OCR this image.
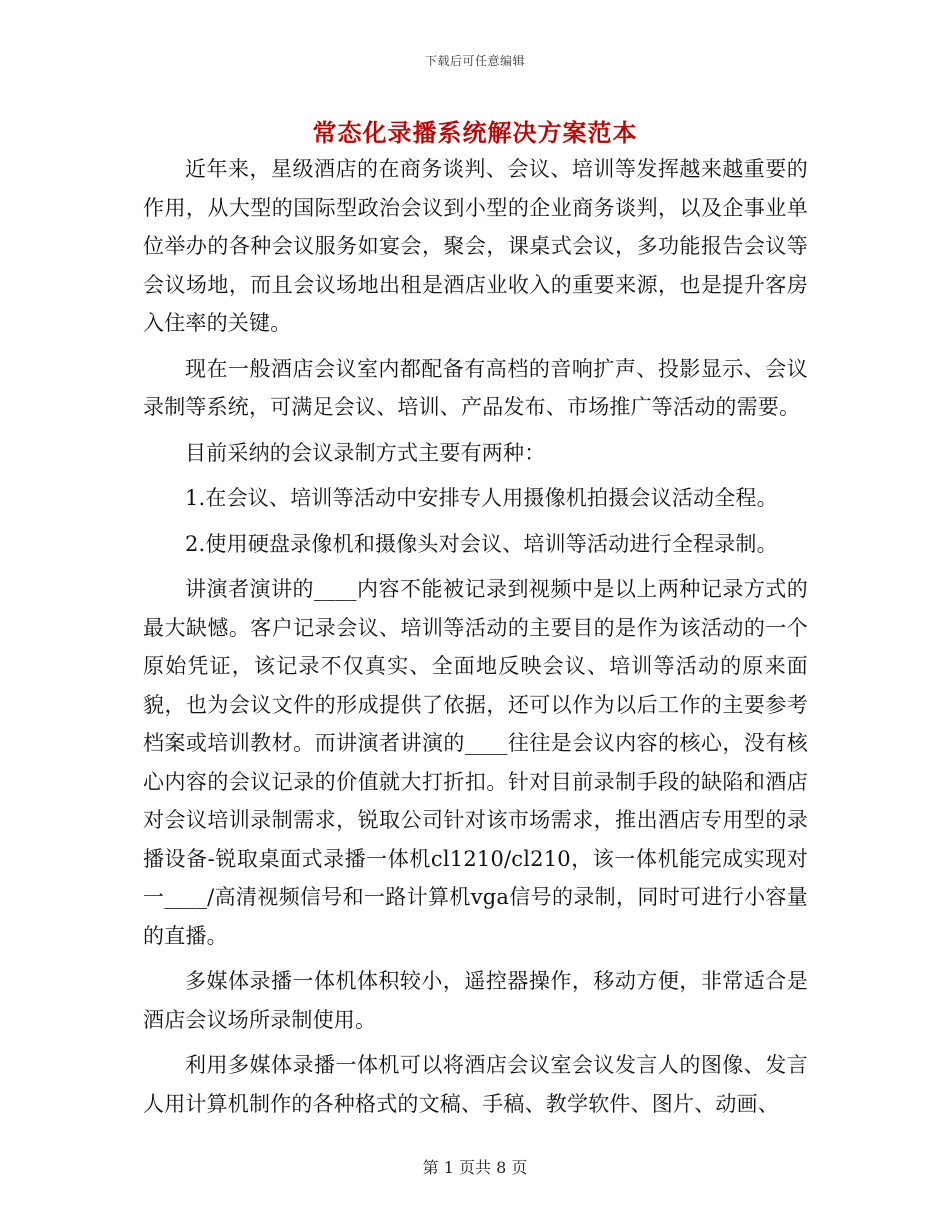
下载后可任意编辑
常态化录播系统解决方案范本

近年来，星级酒店的在商务谈判、会议、培训等发挥越来越重要的作用，从大型的国际型政治会议到小型的企业商务谈判，以及企事业单位举办的各种会议服务如宴会，聚会，课桌式会议，多功能报告会议等会议场地，而且会议场地出租是酒店业收入的重要来源，也是提升客房入住率的关键。

现在一般酒店会议室内都配备有高档的音响扩声、投影显示、会议录制等系统，可满足会议、培训、产品发布、市场推广等活动的需要。

目前采纳的会议录制方式主要有两种：

1.在会议、培训等活动中安排专人用摄像机拍摄会议活动全程。

2.使用硬盘录像机和摄像头对会议、培训等活动进行全程录制。

讲演者演讲的____内容不能被记录到视频中是以上两种记录方式的最大缺憾。客户记录会议、培训等活动的主要目的是作为该活动的一个原始凭证，该记录不仅真实、全面地反映会议、培训等活动的原来面貌，也为会议文件的形成提供了依据，还可以作为以后工作的主要参考档案或培训教材。而讲演者讲演的____往往是会议内容的核心，没有核心内容的会议记录的价值就大打折扣。针对目前录制手段的缺陷和酒店对会议培训录制需求，锐取公司针对该市场需求，推出酒店专用型的录播设备-锐取桌面式录播一体机cl1210/cl210，该一体机能完成实现对一____/高清视频信号和一路计算机vga信号的录制，同时可进行小容量的直播。

多媒体录播一体机体积较小，遥控器操作，移动方便，非常适合是酒店会议场所录制使用。

利用多媒体录播一体机可以将酒店会议室会议发言人的图像、发言人用计算机制作的各种格式的文稿、手稿、教学软件、图片、动画、

第 1 页共 8 页
